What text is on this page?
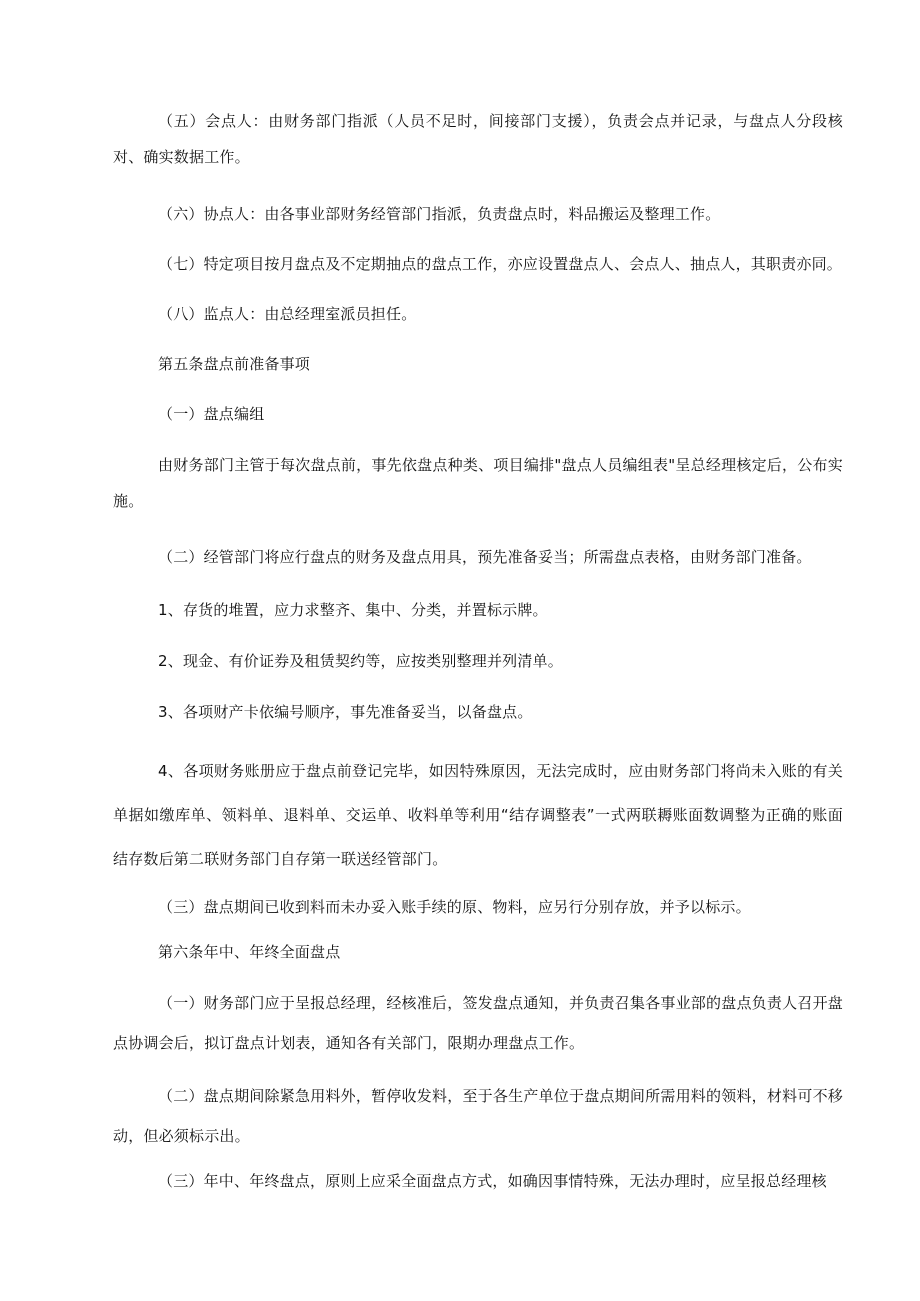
（五）会点人：由财务部门指派（人员不足时，间接部门支援），负责会点并记录，与盘点人分段核对、确实数据工作。

（六）协点人：由各事业部财务经管部门指派，负责盘点时，料品搬运及整理工作。

（七）特定项目按月盘点及不定期抽点的盘点工作，亦应设置盘点人、会点人、抽点人，其职责亦同。

（八）监点人：由总经理室派员担任。

第五条盘点前准备事项

（一）盘点编组

由财务部门主管于每次盘点前，事先依盘点种类、项目编排"盘点人员编组表"呈总经理核定后，公布实施。

（二）经管部门将应行盘点的财务及盘点用具，预先准备妥当；所需盘点表格，由财务部门准备。

1、存货的堆置，应力求整齐、集中、分类，并置标示牌。

2、现金、有价证券及租赁契约等，应按类别整理并列清单。

3、各项财产卡依编号顺序，事先准备妥当，以备盘点。

4、各项财务账册应于盘点前登记完毕，如因特殊原因，无法完成时，应由财务部门将尚未入账的有关单据如缴库单、领料单、退料单、交运单、收料单等利用“结存调整表”一式两联耨账面数调整为正确的账面结存数后第二联财务部门自存第一联送经管部门。

（三）盘点期间已收到料而未办妥入账手续的原、物料，应另行分别存放，并予以标示。

第六条年中、年终全面盘点

（一）财务部门应于呈报总经理，经核准后，签发盘点通知，并负责召集各事业部的盘点负责人召开盘点协调会后，拟订盘点计划表，通知各有关部门，限期办理盘点工作。

（二）盘点期间除紧急用料外，暂停收发料，至于各生产单位于盘点期间所需用料的领料，材料可不移动，但必须标示出。

（三）年中、年终盘点，原则上应采全面盘点方式，如确因事情特殊，无法办理时，应呈报总经理核
